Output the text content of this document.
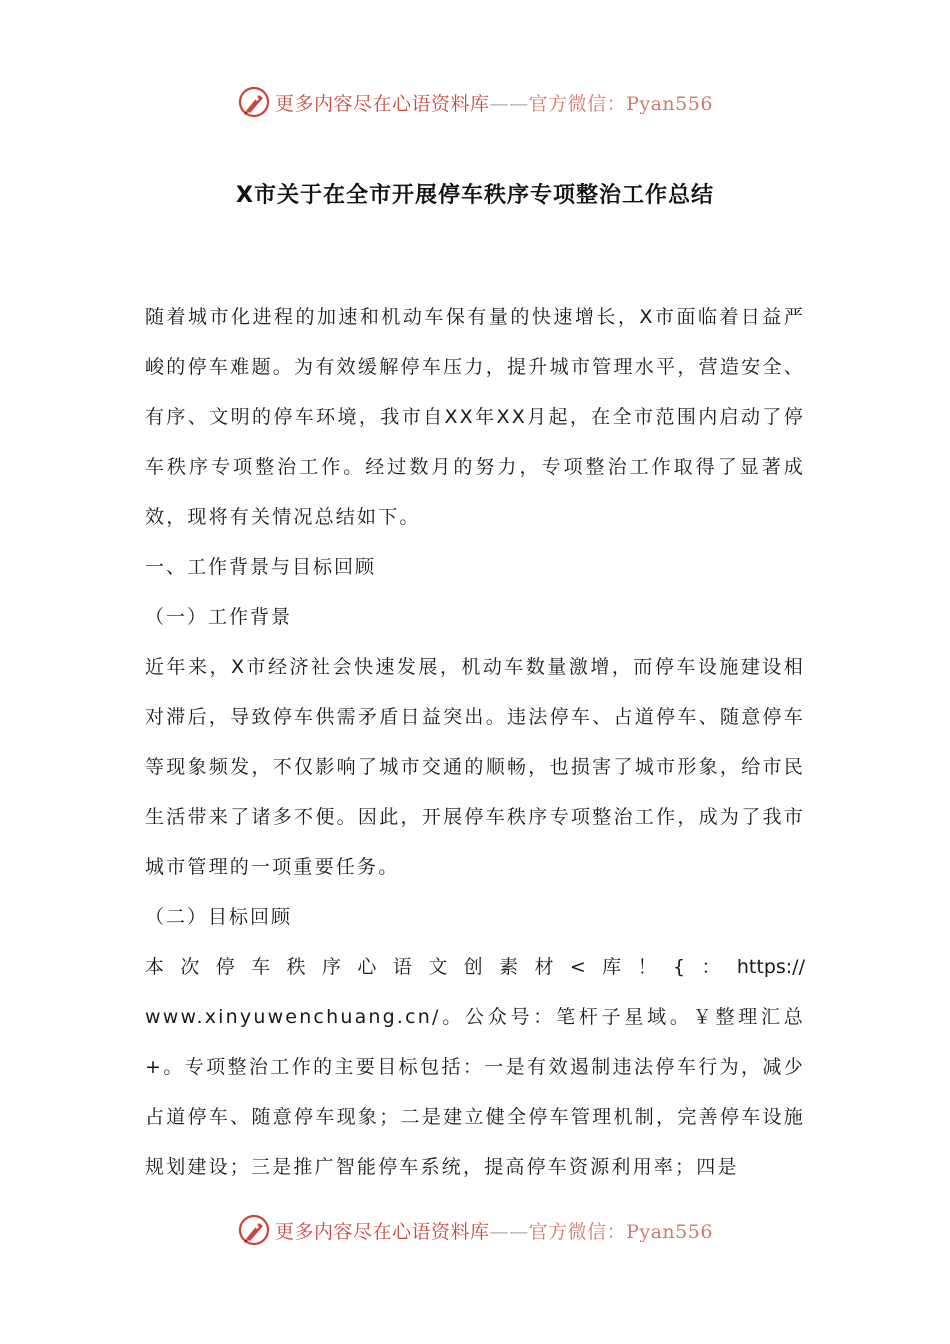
更多内容尽在心语资料库——官方微信：Pyan556
X市关于在全市开展停车秩序专项整治工作总结

随着城市化进程的加速和机动车保有量的快速增长，X市面临着日益严峻的停车难题。为有效缓解停车压力，提升城市管理水平，营造安全、有序、文明的停车环境，我市自XX年XX月起，在全市范围内启动了停车秩序专项整治工作。经过数月的努力，专项整治工作取得了显著成效，现将有关情况总结如下。

一、工作背景与目标回顾

（一）工作背景

近年来，X市经济社会快速发展，机动车数量激增，而停车设施建设相对滞后，导致停车供需矛盾日益突出。违法停车、占道停车、随意停车等现象频发，不仅影响了城市交通的顺畅，也损害了城市形象，给市民生活带来了诸多不便。因此，开展停车秩序专项整治工作，成为了我市城市管理的一项重要任务。

（二）目标回顾

本次停车秩序心语文创素材<库！{：https://

www.xinyuwenchuang.cn/。公众号：笔杆子星域。￥整理汇总+。专项整治工作的主要目标包括：一是有效遏制违法停车行为，减少占道停车、随意停车现象；二是建立健全停车管理机制，完善停车设施规划建设；三是推广智能停车系统，提高停车资源利用率；四是

更多内容尽在心语资料库——官方微信：Pyan556
